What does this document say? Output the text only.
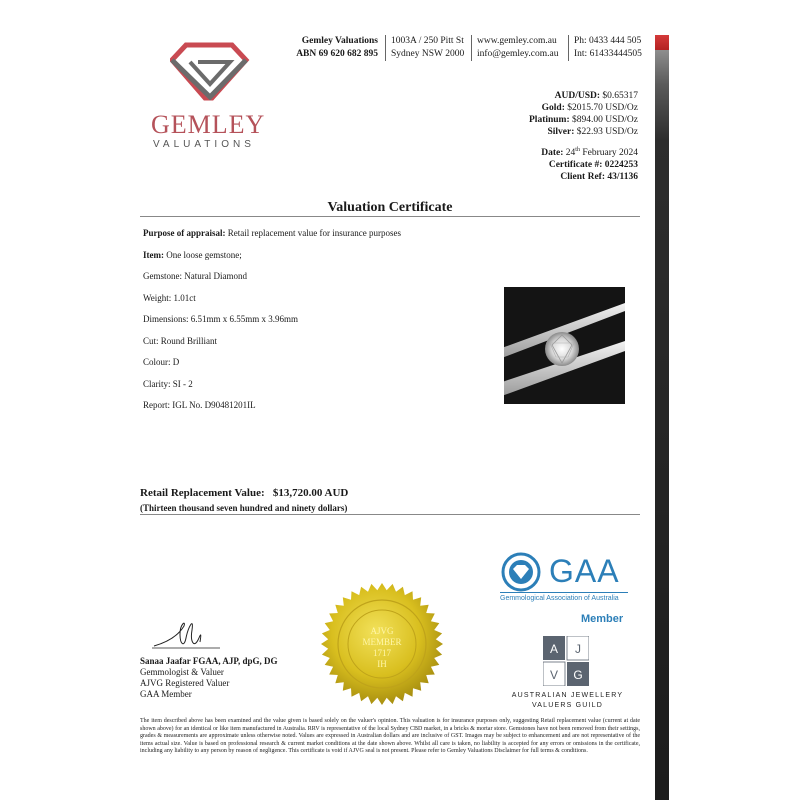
GEMLEY
VALUATIONS
Gemley Valuations
ABN 69 620 682 895
1003A / 250 Pitt St
Sydney NSW 2000
www.gemley.com.au
info@gemley.com.au
Ph: 0433 444 505
Int: 61433444505
AUD/USD: $0.65317
Gold: $2015.70 USD/Oz
Platinum: $894.00 USD/Oz
Silver: $22.93 USD/Oz
Date: 24th February 2024
Certificate #: 0224253
Client Ref: 43/1136
Valuation Certificate
Purpose of appraisal: Retail replacement value for insurance purposes
Item: One loose gemstone;
Gemstone: Natural Diamond
Weight: 1.01ct
Dimensions: 6.51mm x 6.55mm x 3.96mm
Cut: Round Brilliant
Colour: D
Clarity: SI - 2
Report: IGL No. D90481201IL
Retail Replacement Value: $13,720.00 AUD
(Thirteen thousand seven hundred and ninety dollars)
AJVG
MEMBER
1717
IH
Sanaa Jaafar FGAA, AJP, dpG, DG
Gemmologist & Valuer
AJVG Registered Valuer
GAA Member
GAA
Gemmological Association of Australia
Member
A J
V G
AUSTRALIAN JEWELLERY
VALUERS GUILD
The item described above has been examined and the value given is based solely on the valuer's opinion. This valuation is for insurance purposes only, suggesting Retail replacement value (current at date shown above) for an identical or like item manufactured in Australia. RRV is representative of the local Sydney CBD market, in a bricks & mortar store. Gemstones have not been removed from their settings, grades & measurements are approximate unless otherwise noted. Values are expressed in Australian dollars and are inclusive of GST. Images may be subject to enhancement and are not representative of the items actual size. Value is based on professional research & current market conditions at the date shown above. Whilst all care is taken, no liability is accepted for any errors or omissions in the certificate, including any liability to any person by reason of negligence. This certificate is void if AJVG seal is not present. Please refer to Gemley Valuations Disclaimer for full terms & conditions.
